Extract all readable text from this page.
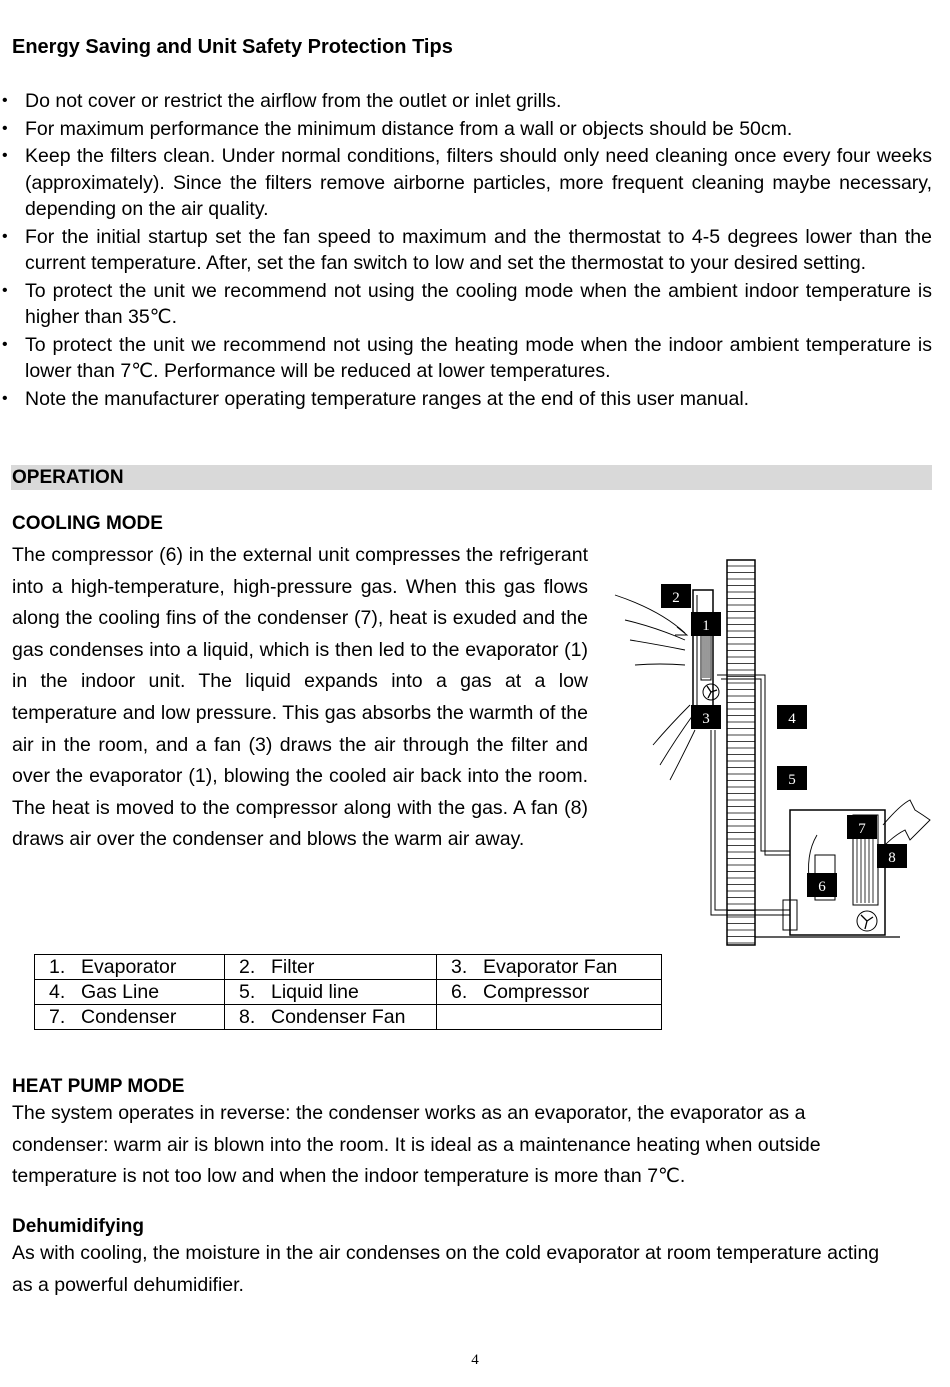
Energy Saving and Unit Safety Protection Tips
• Do not cover or restrict the airflow from the outlet or inlet grills.
• For maximum performance the minimum distance from a wall or objects should be 50cm.
• Keep the filters clean. Under normal conditions, filters should only need cleaning once every four weeks (approximately). Since the filters remove airborne particles, more frequent cleaning maybe necessary, depending on the air quality.
• For the initial startup set the fan speed to maximum and the thermostat to 4-5 degrees lower than the current temperature. After, set the fan switch to low and set the thermostat to your desired setting.
• To protect the unit we recommend not using the cooling mode when the ambient indoor temperature is higher than 35℃.
• To protect the unit we recommend not using the heating mode when the indoor ambient temperature is lower than 7℃. Performance will be reduced at lower temperatures.
• Note the manufacturer operating temperature ranges at the end of this user manual.
OPERATION
COOLING MODE
The compressor (6) in the external unit compresses the refrigerant into a high-temperature, high-pressure gas. When this gas flows along the cooling fins of the condenser (7), heat is exuded and the gas condenses into a liquid, which is then led to the evaporator (1) in the indoor unit. The liquid expands into a gas at a low temperature and low pressure. This gas absorbs the warmth of the air in the room, and a fan (3) draws the air through the filter and over the evaporator (1), blowing the cooled air back into the room. The heat is moved to the compressor along with the gas. A fan (8) draws air over the condenser and blows the warm air away.
2
1
3	4
5
7
8
6
1. Evaporator	2. Filter	3. Evaporator Fan
4. Gas Line	5. Liquid line	6. Compressor
7. Condenser	8. Condenser Fan	
HEAT PUMP MODE
The system operates in reverse: the condenser works as an evaporator, the evaporator as a condenser: warm air is blown into the room. It is ideal as a maintenance heating when outside temperature is not too low and when the indoor temperature is more than 7℃.
Dehumidifying
As with cooling, the moisture in the air condenses on the cold evaporator at room temperature acting as a powerful dehumidifier.
4
